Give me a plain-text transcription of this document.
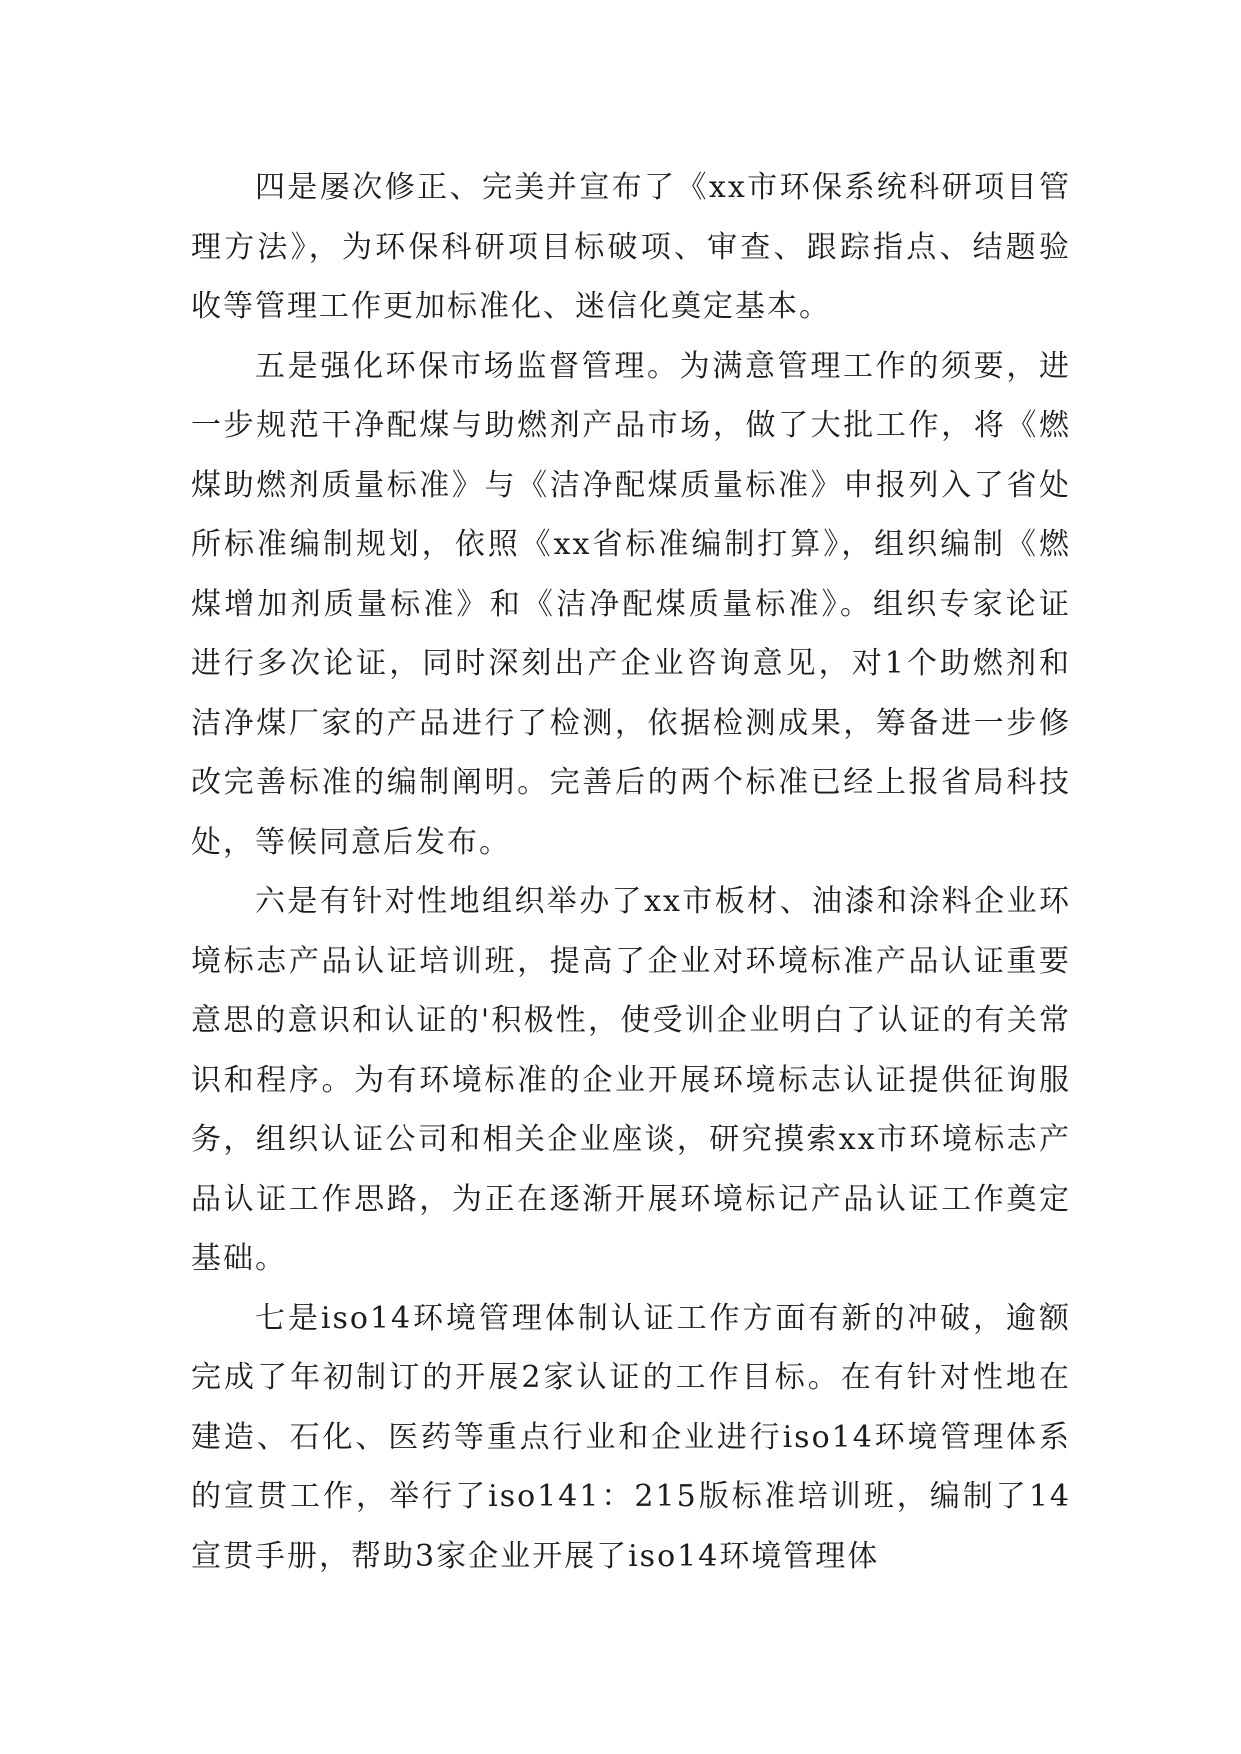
四是屡次修正、完美并宣布了《xx市环保系统科研项目管理方法》，为环保科研项目标破项、审查、跟踪指点、结题验收等管理工作更加标准化、迷信化奠定基本。

五是强化环保市场监督管理。为满意管理工作的须要，进一步规范干净配煤与助燃剂产品市场，做了大批工作，将《燃煤助燃剂质量标准》与《洁净配煤质量标准》申报列入了省处所标准编制规划，依照《xx省标准编制打算》，组织编制《燃煤增加剂质量标准》和《洁净配煤质量标准》。组织专家论证进行多次论证，同时深刻出产企业咨询意见，对1个助燃剂和洁净煤厂家的产品进行了检测，依据检测成果，筹备进一步修改完善标准的编制阐明。完善后的两个标准已经上报省局科技处，等候同意后发布。

六是有针对性地组织举办了xx市板材、油漆和涂料企业环境标志产品认证培训班，提高了企业对环境标准产品认证重要意思的意识和认证的'积极性，使受训企业明白了认证的有关常识和程序。为有环境标准的企业开展环境标志认证提供征询服务，组织认证公司和相关企业座谈，研究摸索xx市环境标志产品认证工作思路，为正在逐渐开展环境标记产品认证工作奠定基础。

七是iso14环境管理体制认证工作方面有新的冲破，逾额完成了年初制订的开展2家认证的工作目标。在有针对性地在建造、石化、医药等重点行业和企业进行iso14环境管理体系的宣贯工作，举行了iso141：215版标准培训班，编制了14宣贯手册，帮助3家企业开展了iso14环境管理体
